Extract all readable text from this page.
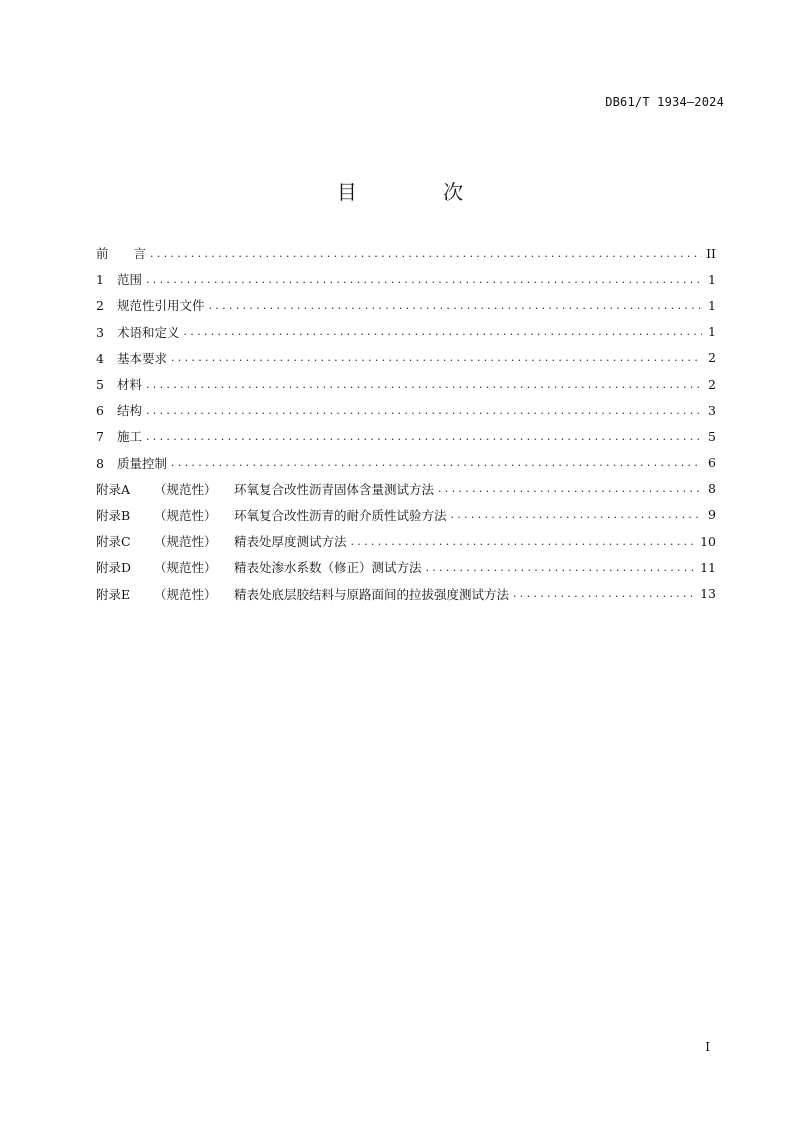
DB61/T 1934—2024
目 次
前　　言 .....	II
1 范围 .....	1
2 规范性引用文件 .....	1
3 术语和定义 .....	1
4 基本要求 .....	2
5 材料 .....	2
6 结构 .....	3
7 施工 .....	5
8 质量控制 .....	6
附录A （规范性） 环氧复合改性沥青固体含量测试方法 .....	8
附录B （规范性） 环氧复合改性沥青的耐介质性试验方法 .....	9
附录C （规范性） 精表处厚度测试方法 .....	10
附录D （规范性） 精表处渗水系数（修正）测试方法 .....	11
附录E （规范性） 精表处底层胶结料与原路面间的拉拔强度测试方法 .....	13
I
